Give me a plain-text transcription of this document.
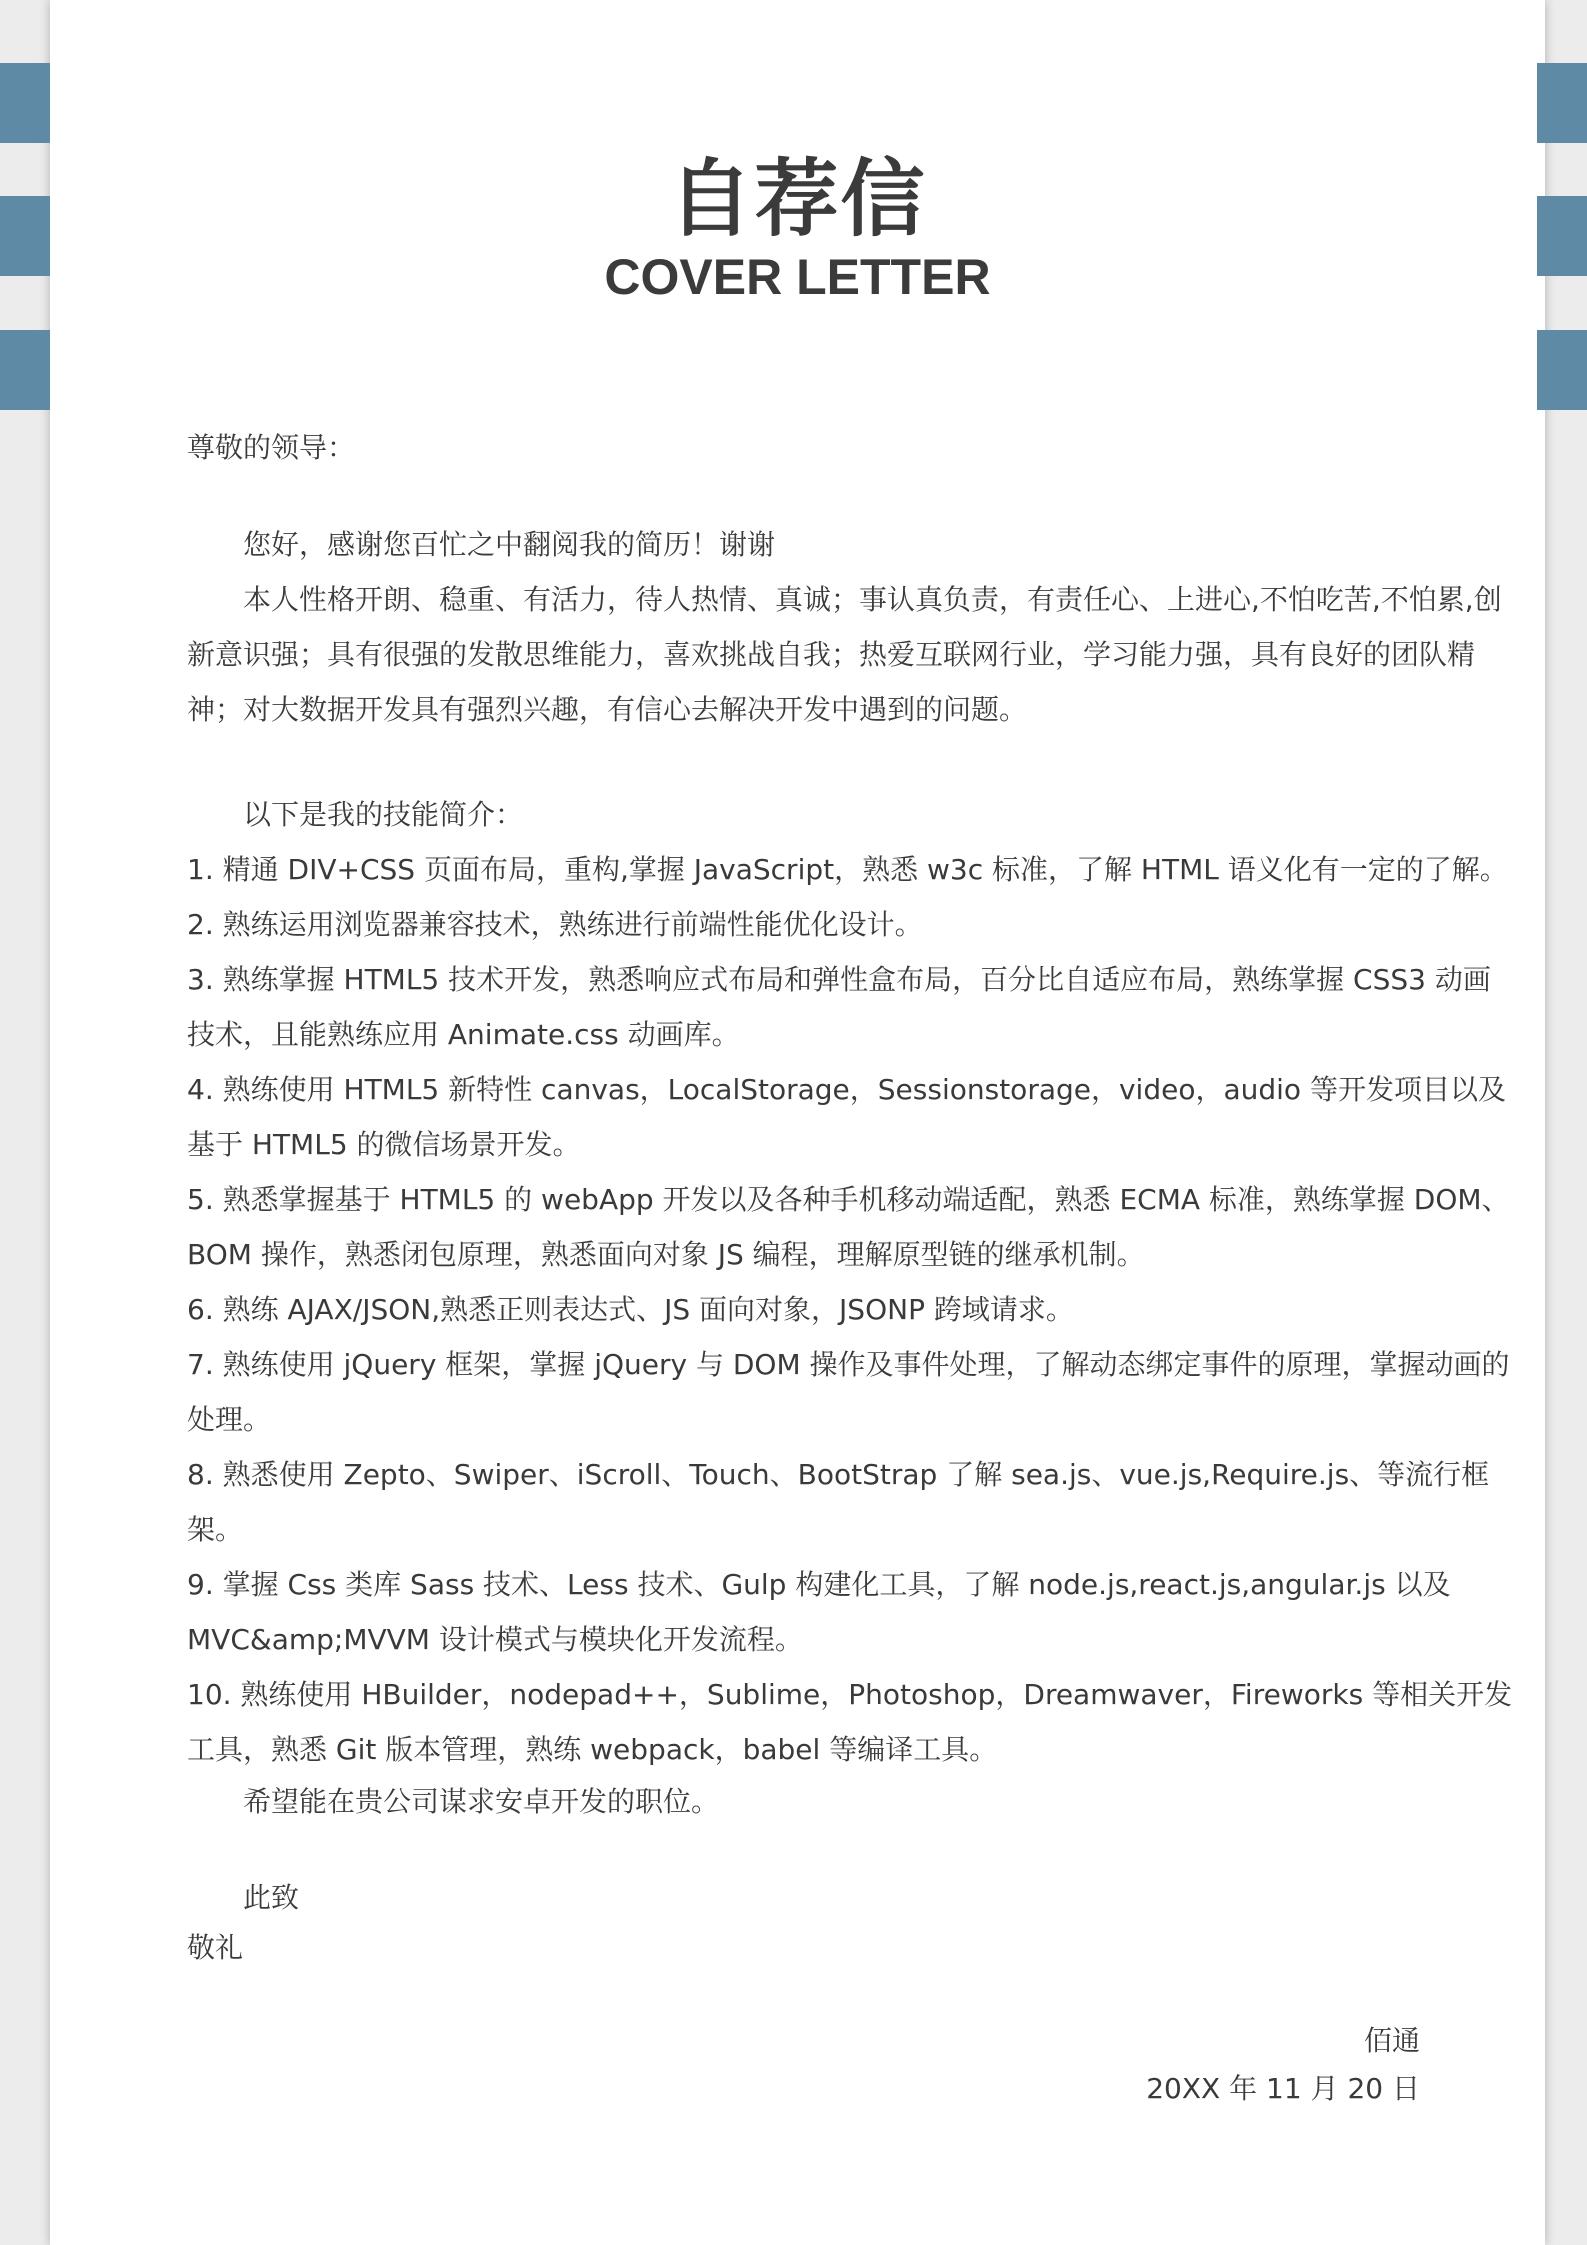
自荐信
COVER LETTER
尊敬的领导：

您好，感谢您百忙之中翻阅我的简历！谢谢

本人性格开朗、稳重、有活力，待人热情、真诚；事认真负责，有责任心、上进心,不怕吃苦,不怕累,创新意识强；具有很强的发散思维能力，喜欢挑战自我；热爱互联网行业，学习能力强，具有良好的团队精神；对大数据开发具有强烈兴趣，有信心去解决开发中遇到的问题。

以下是我的技能简介：

1. 精通 DIV+CSS 页面布局，重构,掌握 JavaScript，熟悉 w3c 标准，了解 HTML 语义化有一定的了解。

2. 熟练运用浏览器兼容技术，熟练进行前端性能优化设计。

3. 熟练掌握 HTML5 技术开发，熟悉响应式布局和弹性盒布局，百分比自适应布局，熟练掌握 CSS3 动画技术，且能熟练应用 Animate.css 动画库。

4. 熟练使用 HTML5 新特性 canvas，LocalStorage，Sessionstorage，video，audio 等开发项目以及基于 HTML5 的微信场景开发。

5. 熟悉掌握基于 HTML5 的 webApp 开发以及各种手机移动端适配，熟悉 ECMA 标准，熟练掌握 DOM、BOM 操作，熟悉闭包原理，熟悉面向对象 JS 编程，理解原型链的继承机制。

6. 熟练 AJAX/JSON,熟悉正则表达式、JS 面向对象，JSONP 跨域请求。

7. 熟练使用 jQuery 框架，掌握 jQuery 与 DOM 操作及事件处理，了解动态绑定事件的原理，掌握动画的处理。

8. 熟悉使用 Zepto、Swiper、iScroll、Touch、BootStrap 了解 sea.js、vue.js,Require.js、等流行框架。

9. 掌握 Css 类库 Sass 技术、Less 技术、Gulp 构建化工具，了解 node.js,react.js,angular.js 以及 MVC&amp;MVVM 设计模式与模块化开发流程。

10. 熟练使用 HBuilder，nodepad++，Sublime，Photoshop，Dreamwaver，Fireworks 等相关开发工具，熟悉 Git 版本管理，熟练 webpack，babel 等编译工具。

希望能在贵公司谋求安卓开发的职位。
此致
敬礼
佰通
20XX 年 11 月 20 日
